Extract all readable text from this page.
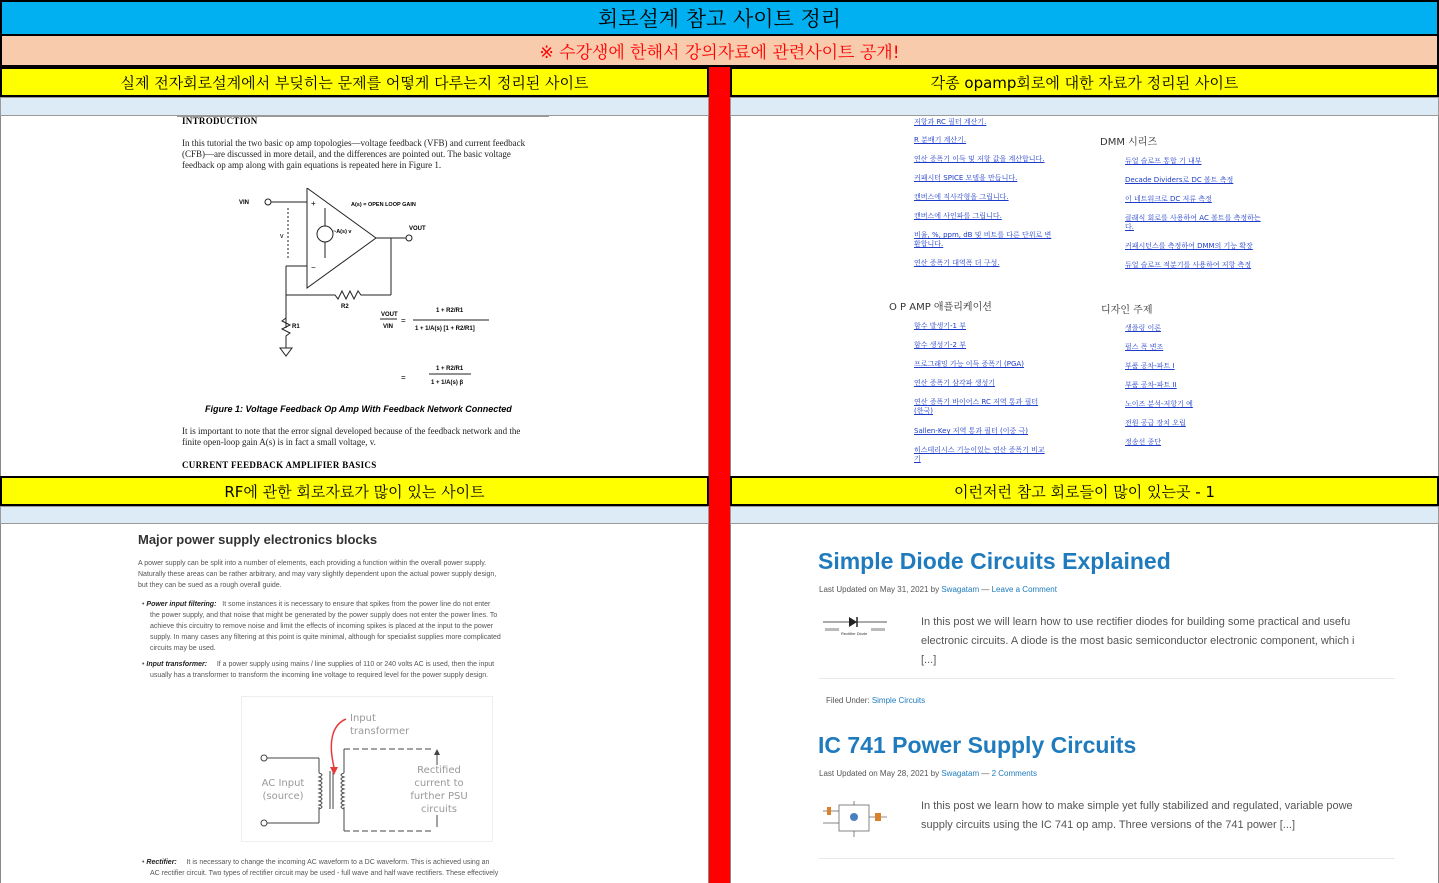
회로설계 참고 사이트 정리
※ 수강생에 한해서 강의자료에 관련사이트 공개!
실제 전자회로설계에서 부딪히는 문제를 어떻게 다루는지 정리된 사이트
INTRODUCTION
In this tutorial the two basic op amp topologies—voltage feedback (VFB) and current feedback
(CFB)—are discussed in more detail, and the differences are pointed out. The basic voltage
feedback op amp along with gain equations is repeated here in Figure 1.
VIN	A(s) = OPEN LOOP GAIN
~A(s) v	VOUT
v
+
−
R2
R1
VOUT
VIN
=
1 + R2/R1
1 + 1/A(s) [1 + R2/R1]
=
1 + R2/R1
1 + 1/A(s) β
Figure 1: Voltage Feedback Op Amp With Feedback Network Connected
It is important to note that the error signal developed because of the feedback network and the
finite open-loop gain A(s) is in fact a small voltage, v.
CURRENT FEEDBACK AMPLIFIER BASICS
각종 opamp회로에 대한 자료가 정리된 사이트
저항과 RC 필터 계산기.
R 분배기 계산기.
연산 증폭기 이득 및 저항 값을 계산합니다.
커패시터 SPICE 모델을 만듭니다.
캔버스에 직사각형을 그립니다.
캔버스에 사인파를 그립니다.
비율, %, ppm, dB 및 비트를 다른 단위로 변
환합니다.
연산 증폭기 대역폭 더 구성.
DMM 시리즈
듀얼 슬로프 통합 기 내부
Decade Dividers로 DC 볼트 측정
이 네트워크로 DC 저류 측정
클래식 회로를 사용하여 AC 볼트를 측정하는
다.
커패시턴스를 측정하여 DMM의 기능 확장
듀얼 슬로프 적분기를 사용하여 저항 측정
O P AMP 애플리케이션
함수 발생기-1 부
함수 생성기-2 부
프로그래밍 가능 이득 증폭기 (PGA)
연산 증폭기 삼각파 생성기
연산 증폭기 바이어스 RC 저역 통과 필터
(한국)
Sallen-Key 저역 통과 필터 (이중 극)
히스테리시스 기능이있는 연산 증폭기 비교
기
디자인 주제
생플링 이론
펄스 폭 변조
부품 공차-파트 I
부품 공차-파트 II
노이즈 분석-저항기 예
전원 공급 장치 오립
정송선 종단
RF에 관한 회로자료가 많이 있는 사이트
Major power supply electronics blocks
A power supply can be split into a number of elements, each providing a function within the overall power supply.
Naturally these areas can be rather arbitrary, and may vary slightly dependent upon the actual power supply design,
but they can be sued as a rough overall guide.
• Power input filtering: It some instances it is necessary to ensure that spikes from the power line do not enter
the power supply, and that noise that might be generated by the power supply does not enter the power lines. To
achieve this circuitry to remove noise and limit the effects of incoming spikes is placed at the input to the power
supply. In many cases any filtering at this point is quite minimal, although for specialist supplies more complicated
circuits may be used.
• Input transformer: If a power supply using mains / line supplies of 110 or 240 volts AC is used, then the input
usually has a transformer to transform the incoming line voltage to required level for the power supply design.
Input
transformer
AC Input
(source)
Rectified
current to
further PSU
circuits
• Rectifier: It is necessary to change the incoming AC waveform to a DC waveform. This is achieved using an
AC rectifier circuit. Two types of rectifier circuit may be used - full wave and half wave rectifiers. These effectively
이런저런 참고 회로들이 많이 있는곳 - 1
Simple Diode Circuits Explained
Last Updated on May 31, 2021 by Swagatam — Leave a Comment
Rectifier Diode
In this post we will learn how to use rectifier diodes for building some practical and usefu
electronic circuits. A diode is the most basic semiconductor electronic component, which i
[...]
Filed Under: Simple Circuits
IC 741 Power Supply Circuits
Last Updated on May 28, 2021 by Swagatam — 2 Comments
In this post we learn how to make simple yet fully stabilized and regulated, variable powe
supply circuits using the IC 741 op amp. Three versions of the 741 power [...]
